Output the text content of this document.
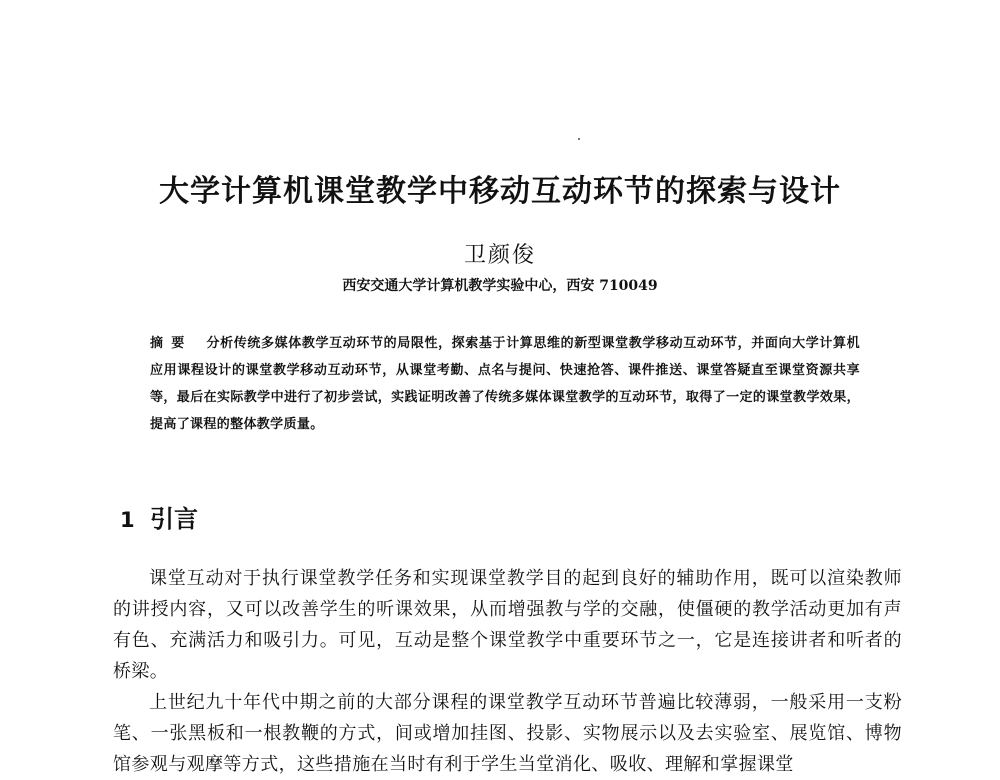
大学计算机课堂教学中移动互动环节的探索与设计
卫颜俊
西安交通大学计算机教学实验中心，西安 710049
摘要 分析传统多媒体教学互动环节的局限性，探索基于计算思维的新型课堂教学移动互动环节，并面向大学计算机应用课程设计的课堂教学移动互动环节，从课堂考勤、点名与提问、快速抢答、课件推送、课堂答疑直至课堂资源共享等，最后在实际教学中进行了初步尝试，实践证明改善了传统多媒体课堂教学的互动环节，取得了一定的课堂教学效果，提高了课程的整体教学质量。
1 引言

课堂互动对于执行课堂教学任务和实现课堂教学目的起到良好的辅助作用，既可以渲染教师的讲授内容，又可以改善学生的听课效果，从而增强教与学的交融，使僵硬的教学活动更加有声有色、充满活力和吸引力。可见，互动是整个课堂教学中重要环节之一，它是连接讲者和听者的桥梁。

上世纪九十年代中期之前的大部分课程的课堂教学互动环节普遍比较薄弱，一般采用一支粉笔、一张黑板和一根教鞭的方式，间或增加挂图、投影、实物展示以及去实验室、展览馆、博物馆参观与观摩等方式，这些措施在当时有利于学生当堂消化、吸收、理解和掌握课堂
